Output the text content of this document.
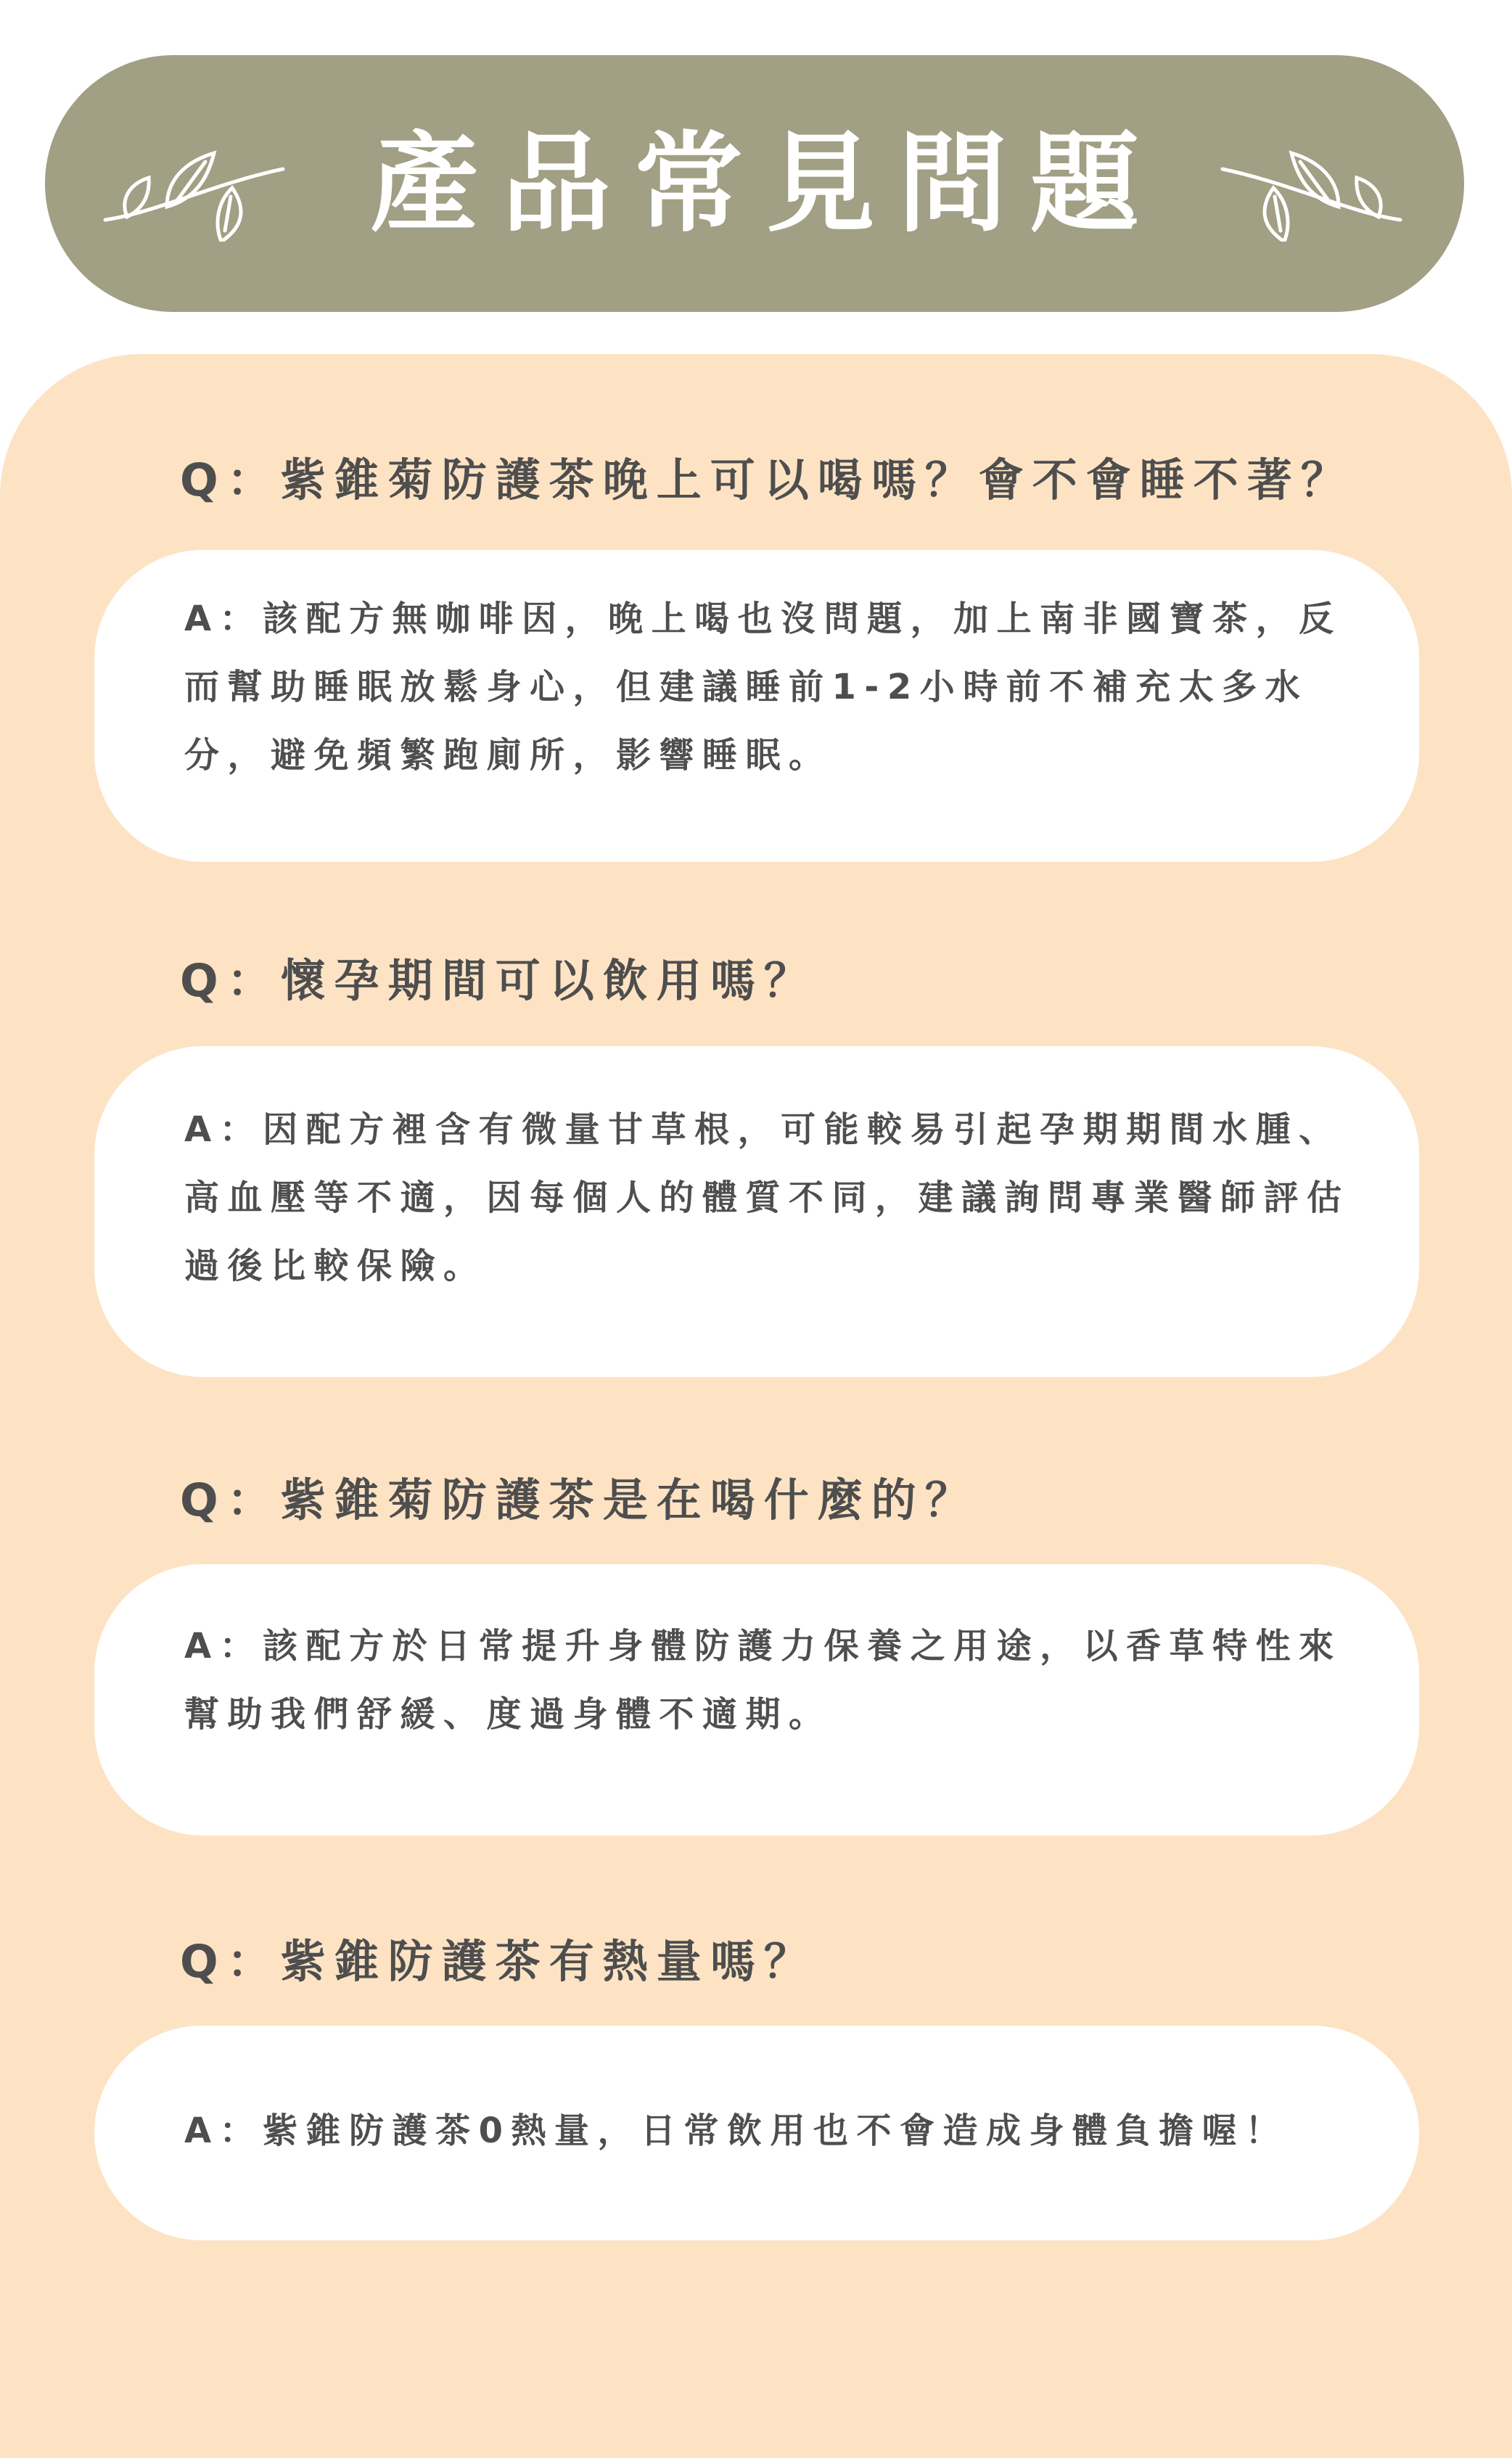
產品常見問題
Q：紫錐菊防護茶晚上可以喝嗎？會不會睡不著？
A：該配方無咖啡因，晚上喝也沒問題，加上南非國寶茶，反而幫助睡眠放鬆身心，但建議睡前1-2小時前不補充太多水分，避免頻繁跑廁所，影響睡眠。
Q：懷孕期間可以飲用嗎？
A：因配方裡含有微量甘草根，可能較易引起孕期期間水腫、高血壓等不適，因每個人的體質不同，建議詢問專業醫師評估過後比較保險。
Q：紫錐菊防護茶是在喝什麼的？
A：該配方於日常提升身體防護力保養之用途，以香草特性來幫助我們舒緩、度過身體不適期。
Q：紫錐防護茶有熱量嗎？
A：紫錐防護茶0熱量，日常飲用也不會造成身體負擔喔！
